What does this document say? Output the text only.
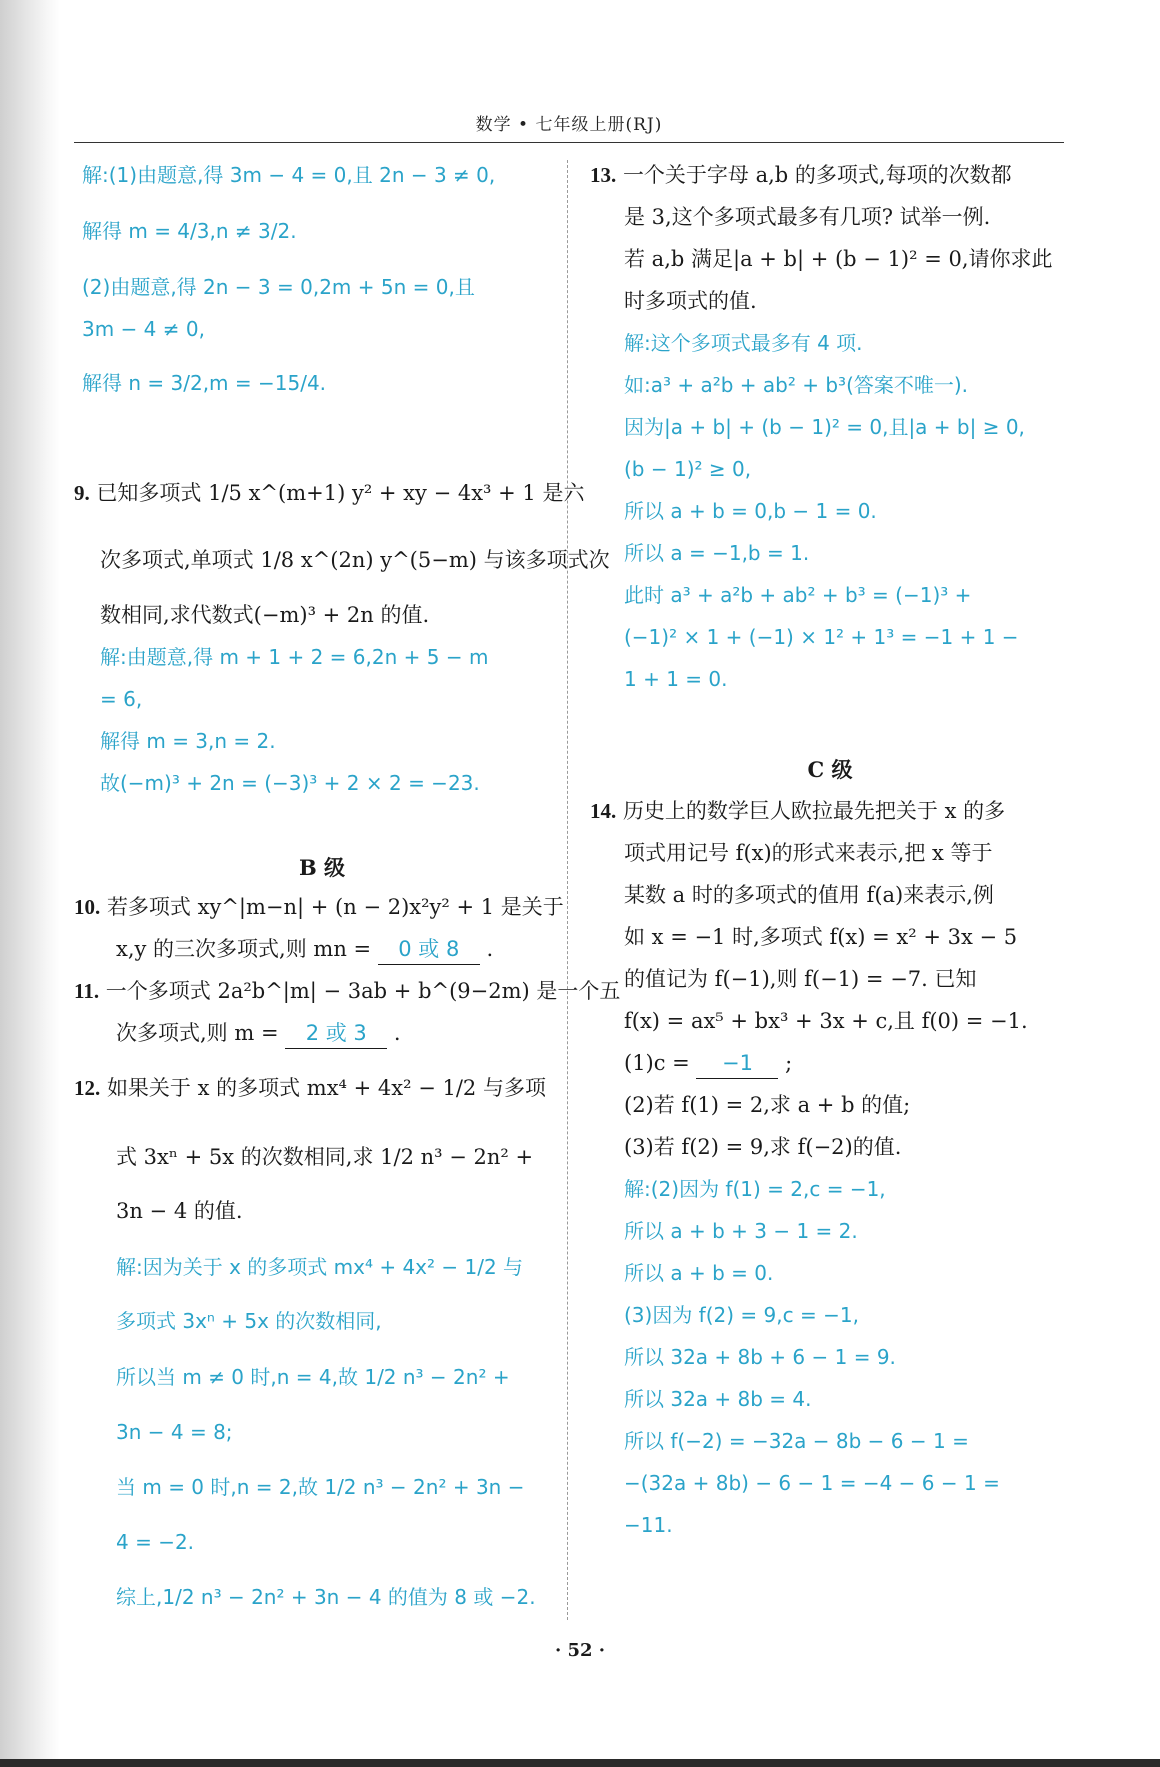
数学 • 七年级上册(RJ)
解:(1)由题意,得 3m − 4 = 0,且 2n − 3 ≠ 0,
解得 m = 4/3,n ≠ 3/2.
(2)由题意,得 2n − 3 = 0,2m + 5n = 0,且
3m − 4 ≠ 0,
解得 n = 3/2,m = −15/4.
9. 已知多项式 1/5 x^(m+1) y² + xy − 4x³ + 1 是六
次多项式,单项式 1/8 x^(2n) y^(5−m) 与该多项式次
数相同,求代数式(−m)³ + 2n 的值.
解:由题意,得 m + 1 + 2 = 6,2n + 5 − m
= 6,
解得 m = 3,n = 2.
故(−m)³ + 2n = (−3)³ + 2 × 2 = −23.
B 级
10. 若多项式 xy^|m−n| + (n − 2)x²y² + 1 是关于
x,y 的三次多项式,则 mn = 0 或 8 .
11. 一个多项式 2a²b^|m| − 3ab + b^(9−2m) 是一个五
次多项式,则 m = 2 或 3 .
12. 如果关于 x 的多项式 mx⁴ + 4x² − 1/2 与多项
式 3xⁿ + 5x 的次数相同,求 1/2 n³ − 2n² +
3n − 4 的值.
解:因为关于 x 的多项式 mx⁴ + 4x² − 1/2 与
多项式 3xⁿ + 5x 的次数相同,
所以当 m ≠ 0 时,n = 4,故 1/2 n³ − 2n² +
3n − 4 = 8;
当 m = 0 时,n = 2,故 1/2 n³ − 2n² + 3n −
4 = −2.
综上,1/2 n³ − 2n² + 3n − 4 的值为 8 或 −2.
13. 一个关于字母 a,b 的多项式,每项的次数都
是 3,这个多项式最多有几项? 试举一例.
若 a,b 满足|a + b| + (b − 1)² = 0,请你求此
时多项式的值.
解:这个多项式最多有 4 项.
如:a³ + a²b + ab² + b³(答案不唯一).
因为|a + b| + (b − 1)² = 0,且|a + b| ≥ 0,
(b − 1)² ≥ 0,
所以 a + b = 0,b − 1 = 0.
所以 a = −1,b = 1.
此时 a³ + a²b + ab² + b³ = (−1)³ +
(−1)² × 1 + (−1) × 1² + 1³ = −1 + 1 −
1 + 1 = 0.
C 级
14. 历史上的数学巨人欧拉最先把关于 x 的多
项式用记号 f(x)的形式来表示,把 x 等于
某数 a 时的多项式的值用 f(a)来表示,例
如 x = −1 时,多项式 f(x) = x² + 3x − 5
的值记为 f(−1),则 f(−1) = −7. 已知
f(x) = ax⁵ + bx³ + 3x + c,且 f(0) = −1.
(1)c = −1 ;
(2)若 f(1) = 2,求 a + b 的值;
(3)若 f(2) = 9,求 f(−2)的值.
解:(2)因为 f(1) = 2,c = −1,
所以 a + b + 3 − 1 = 2.
所以 a + b = 0.
(3)因为 f(2) = 9,c = −1,
所以 32a + 8b + 6 − 1 = 9.
所以 32a + 8b = 4.
所以 f(−2) = −32a − 8b − 6 − 1 =
−(32a + 8b) − 6 − 1 = −4 − 6 − 1 =
−11.
· 52 ·
